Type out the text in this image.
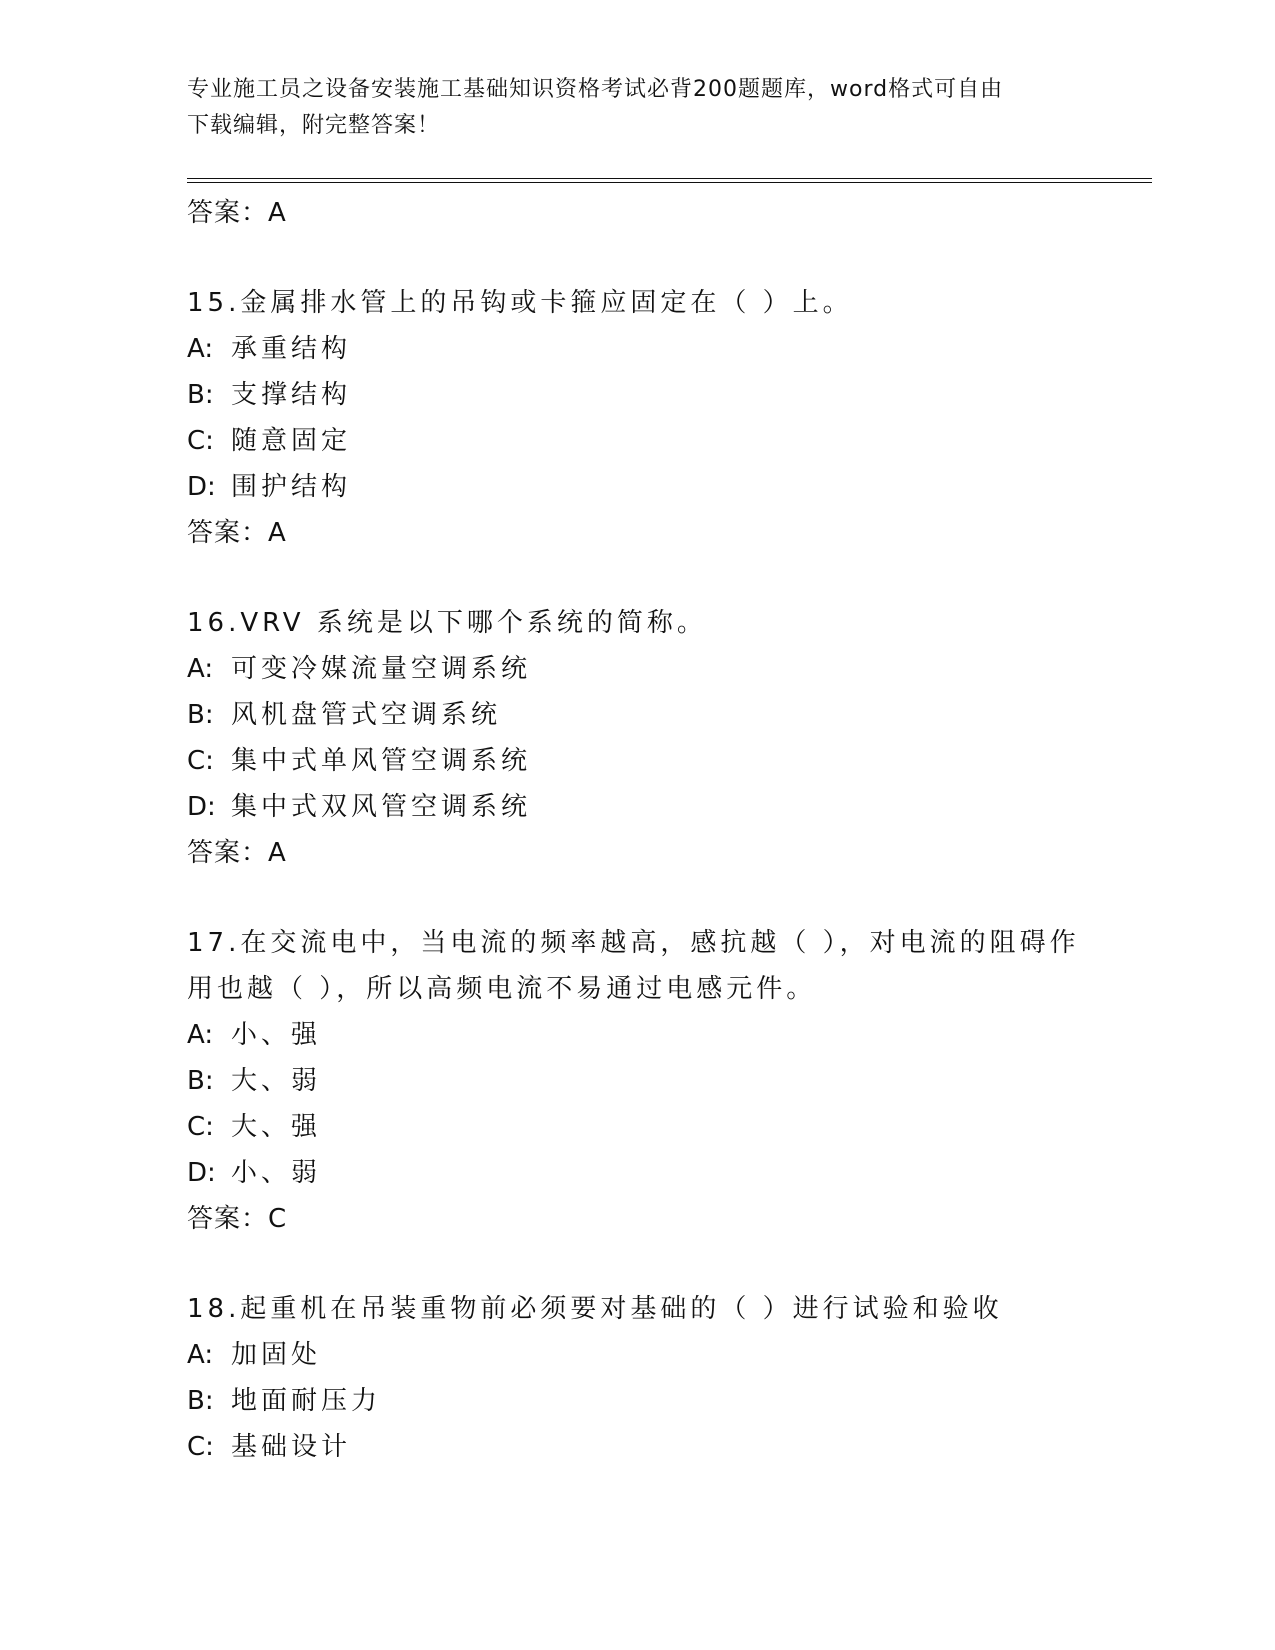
专业施工员之设备安装施工基础知识资格考试必背200题题库，word格式可自由
下载编辑，附完整答案！
答案：A
15.金属排水管上的吊钩或卡箍应固定在（ ）上。
A: 承重结构
B: 支撑结构
C: 随意固定
D: 围护结构
答案：A
16.VRV 系统是以下哪个系统的简称。
A: 可变冷媒流量空调系统
B: 风机盘管式空调系统
C: 集中式单风管空调系统
D: 集中式双风管空调系统
答案：A
17.在交流电中，当电流的频率越高，感抗越（ ），对电流的阻碍作
用也越（ ），所以高频电流不易通过电感元件。
A: 小、强
B: 大、弱
C: 大、强
D: 小、弱
答案：C
18.起重机在吊装重物前必须要对基础的（ ）进行试验和验收
A: 加固处
B: 地面耐压力
C: 基础设计
